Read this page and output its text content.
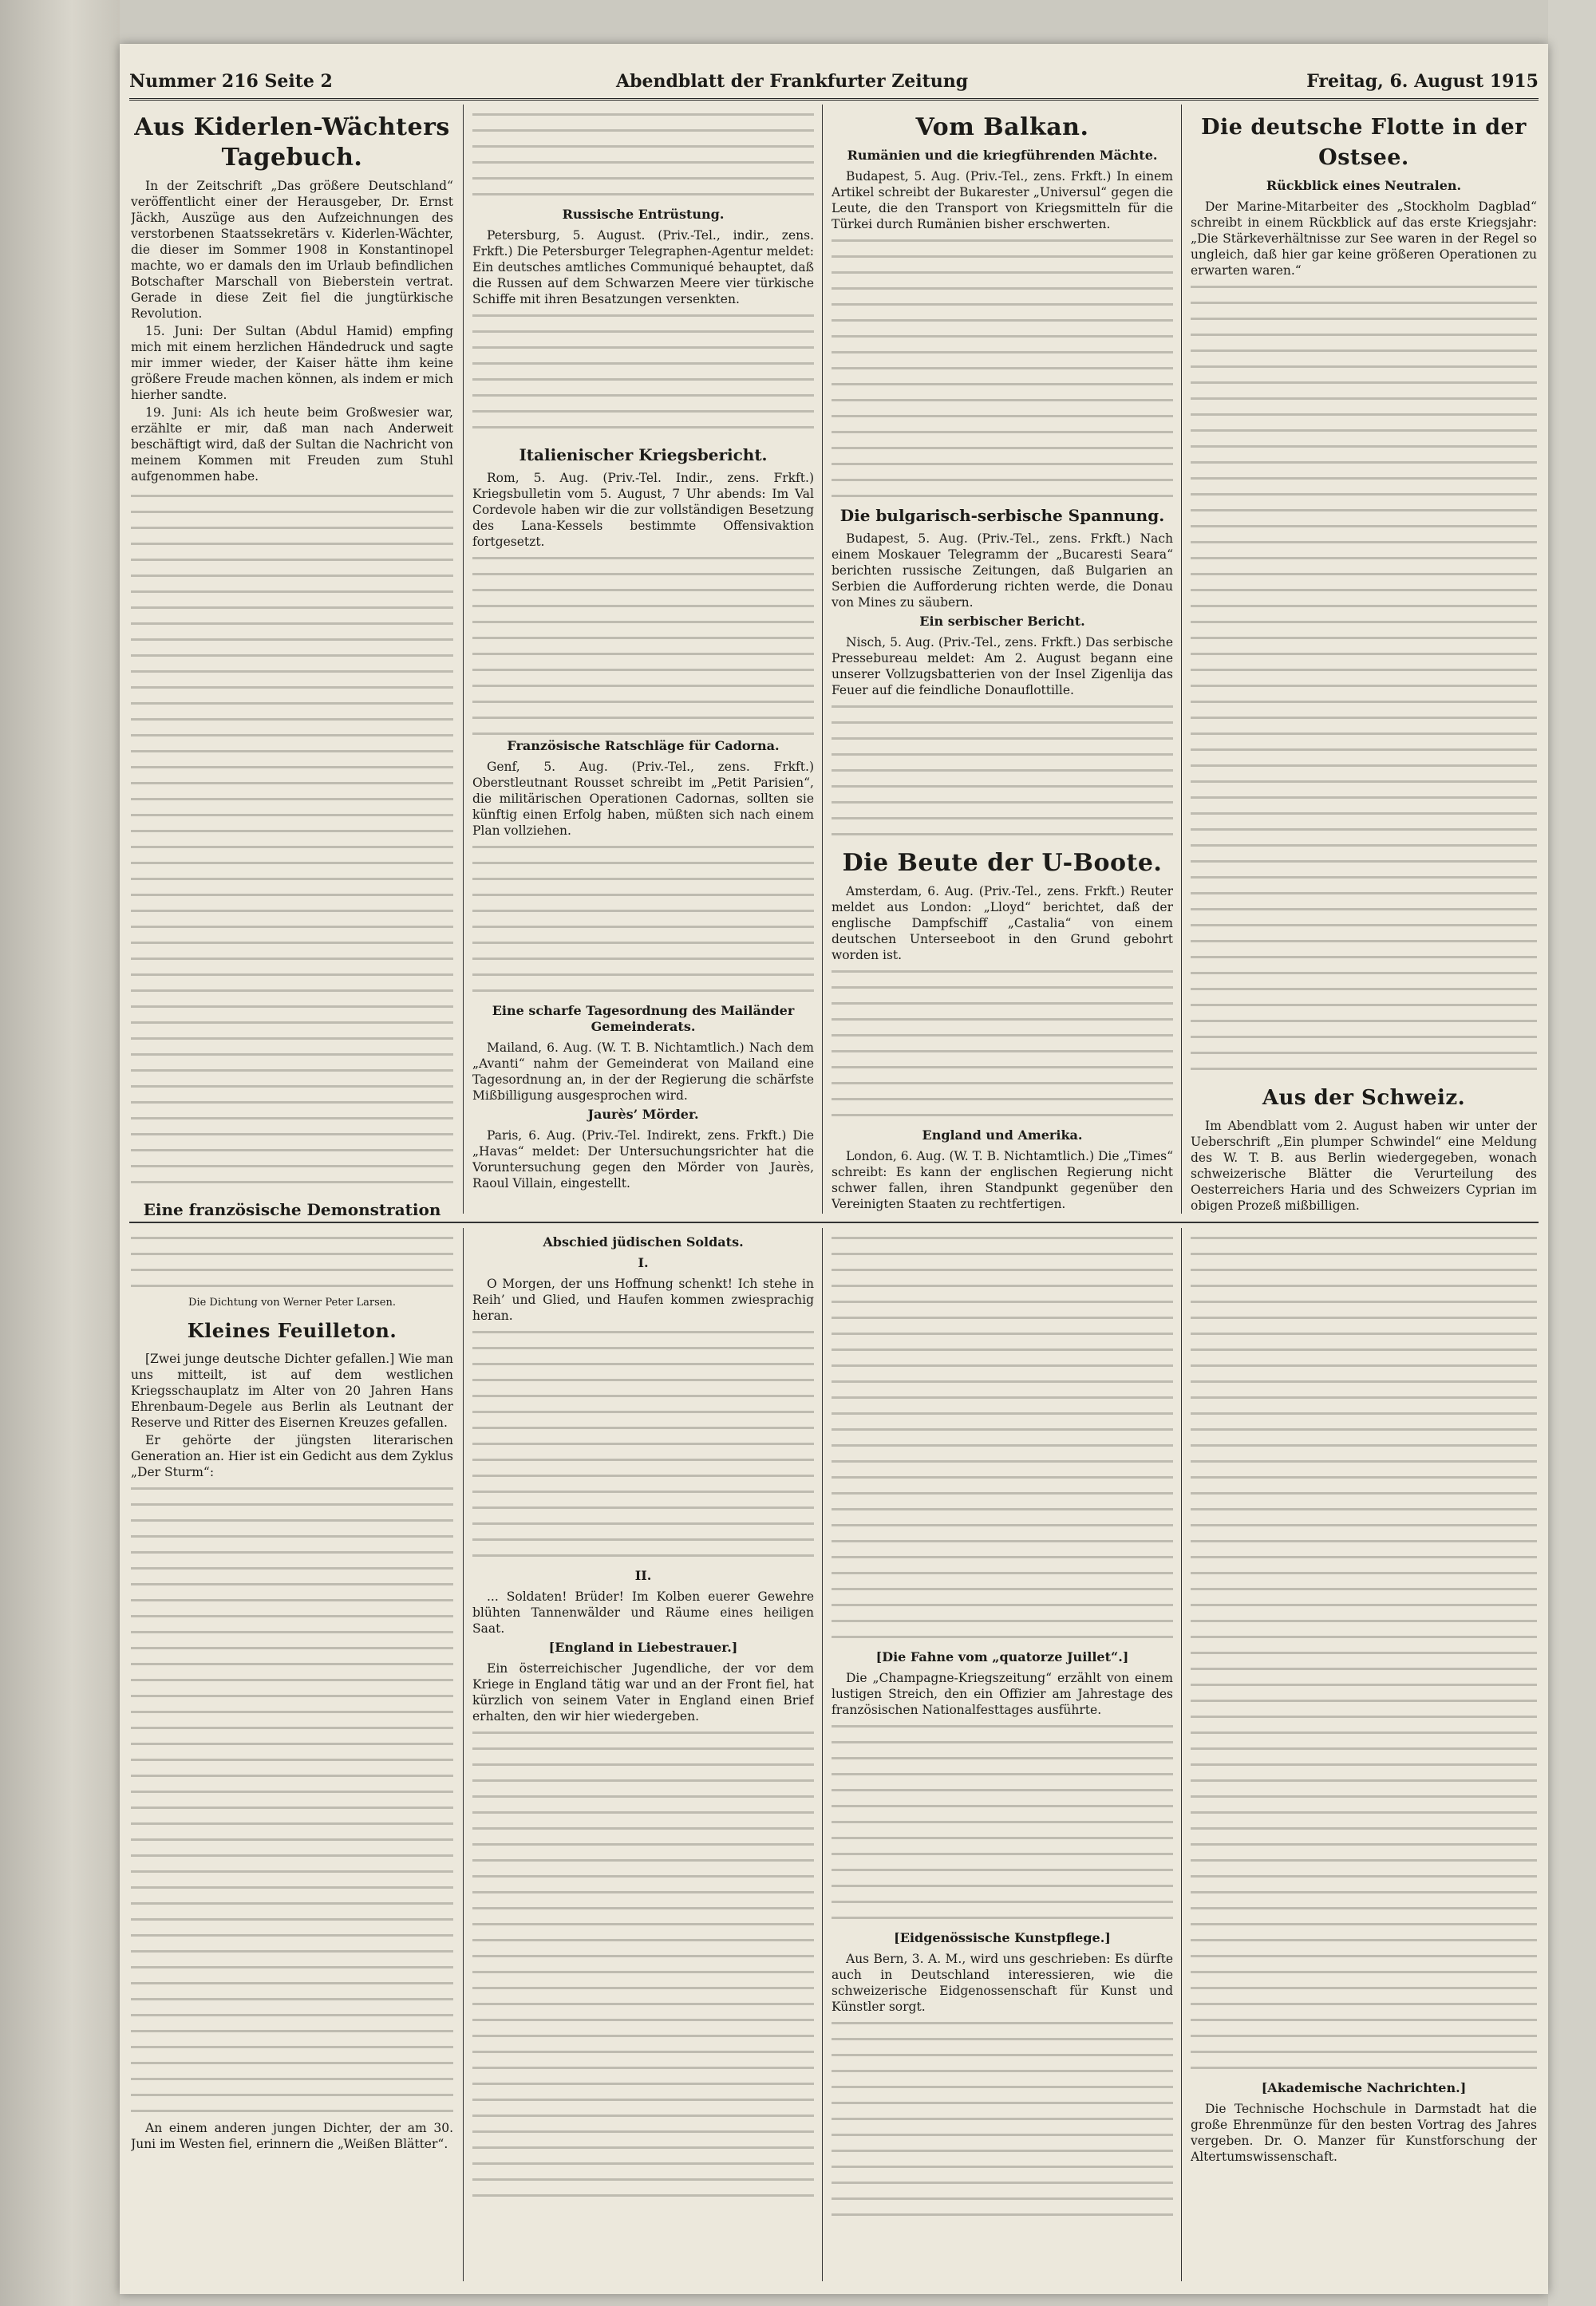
Nummer 216 Seite 2	Abendblatt der Frankfurter Zeitung	Freitag, 6. August 1915
Aus Kiderlen-Wächters Tagebuch.

In der Zeitschrift „Das größere Deutschland“ veröffentlicht einer der Herausgeber, Dr. Ernst Jäckh, Auszüge aus den Aufzeichnungen des verstorbenen Staatssekretärs v. Kiderlen-Wächter, die dieser im Sommer 1908 in Konstantinopel machte, wo er damals den im Urlaub befindlichen Botschafter Marschall von Bieberstein vertrat. Gerade in diese Zeit fiel die jungtürkische Revolution.

15. Juni: Der Sultan (Abdul Hamid) empfing mich mit einem herzlichen Händedruck und sagte mir immer wieder, der Kaiser hätte ihm keine größere Freude machen können, als indem er mich hierher sandte.

19. Juni: Als ich heute beim Großwesier war, erzählte er mir, daß man nach Anderweit beschäftigt wird, daß der Sultan die Nachricht von meinem Kommen mit Freuden zum Stuhl aufgenommen habe.

Eine französische Demonstration

Russische Entrüstung.

Petersburg, 5. August. (Priv.-Tel., indir., zens. Frkft.) Die Petersburger Telegraphen-Agentur meldet: Ein deutsches amtliches Communiqué behauptet, daß die Russen auf dem Schwarzen Meere vier türkische Schiffe mit ihren Besatzungen versenkten.

Italienischer Kriegsbericht.

Rom, 5. Aug. (Priv.-Tel. Indir., zens. Frkft.) Kriegsbulletin vom 5. August, 7 Uhr abends: Im Val Cordevole haben wir die zur vollständigen Besetzung des Lana-Kessels bestimmte Offensivaktion fortgesetzt.

Französische Ratschläge für Cadorna.

Genf, 5. Aug. (Priv.-Tel., zens. Frkft.) Oberstleutnant Rousset schreibt im „Petit Parisien“, die militärischen Operationen Cadornas, sollten sie künftig einen Erfolg haben, müßten sich nach einem Plan vollziehen.

Eine scharfe Tagesordnung des Mailänder Gemeinderats.

Mailand, 6. Aug. (W. T. B. Nichtamtlich.) Nach dem „Avanti“ nahm der Gemeinderat von Mailand eine Tagesordnung an, in der der Regierung die schärfste Mißbilligung ausgesprochen wird.

Jaurès’ Mörder.

Paris, 6. Aug. (Priv.-Tel. Indirekt, zens. Frkft.) Die „Havas“ meldet: Der Untersuchungsrichter hat die Voruntersuchung gegen den Mörder von Jaurès, Raoul Villain, eingestellt.

Vom Balkan.
Rumänien und die kriegführenden Mächte.

Budapest, 5. Aug. (Priv.-Tel., zens. Frkft.) In einem Artikel schreibt der Bukarester „Universul“ gegen die Leute, die den Transport von Kriegsmitteln für die Türkei durch Rumänien bisher erschwerten.

Die bulgarisch-serbische Spannung.

Budapest, 5. Aug. (Priv.-Tel., zens. Frkft.) Nach einem Moskauer Telegramm der „Bucaresti Seara“ berichten russische Zeitungen, daß Bulgarien an Serbien die Aufforderung richten werde, die Donau von Mines zu säubern.

Ein serbischer Bericht.

Nisch, 5. Aug. (Priv.-Tel., zens. Frkft.) Das serbische Pressebureau meldet: Am 2. August begann eine unserer Vollzugsbatterien von der Insel Zigenlija das Feuer auf die feindliche Donauflottille.

Die Beute der U-Boote.

Amsterdam, 6. Aug. (Priv.-Tel., zens. Frkft.) Reuter meldet aus London: „Lloyd“ berichtet, daß der englische Dampfschiff „Castalia“ von einem deutschen Unterseeboot in den Grund gebohrt worden ist.

England und Amerika.

London, 6. Aug. (W. T. B. Nichtamtlich.) Die „Times“ schreibt: Es kann der englischen Regierung nicht schwer fallen, ihren Standpunkt gegenüber den Vereinigten Staaten zu rechtfertigen.

Die deutsche Flotte in der Ostsee.
Rückblick eines Neutralen.

Der Marine-Mitarbeiter des „Stockholm Dagblad“ schreibt in einem Rückblick auf das erste Kriegsjahr: „Die Stärkeverhältnisse zur See waren in der Regel so ungleich, daß hier gar keine größeren Operationen zu erwarten waren.“

Aus der Schweiz.

Im Abendblatt vom 2. August haben wir unter der Ueberschrift „Ein plumper Schwindel“ eine Meldung des W. T. B. aus Berlin wiedergegeben, wonach schweizerische Blätter die Verurteilung des Oesterreichers Haria und des Schweizers Cyprian im obigen Prozeß mißbilligen.

Die Dichtung von Werner Peter Larsen.

Kleines Feuilleton.

[Zwei junge deutsche Dichter gefallen.] Wie man uns mitteilt, ist auf dem westlichen Kriegsschauplatz im Alter von 20 Jahren Hans Ehrenbaum-Degele aus Berlin als Leutnant der Reserve und Ritter des Eisernen Kreuzes gefallen.

Er gehörte der jüngsten literarischen Generation an. Hier ist ein Gedicht aus dem Zyklus „Der Sturm“:

An einem anderen jungen Dichter, der am 30. Juni im Westen fiel, erinnern die „Weißen Blätter“.

Abschied jüdischen Soldats.
I.

O Morgen, der uns Hoffnung schenkt! Ich stehe in Reih’ und Glied, und Haufen kommen zwiesprachig heran.

II.

... Soldaten! Brüder! Im Kolben euerer Gewehre blühten Tannenwälder und Räume eines heiligen Saat.

[England in Liebestrauer.]

Ein österreichischer Jugendliche, der vor dem Kriege in England tätig war und an der Front fiel, hat kürzlich von seinem Vater in England einen Brief erhalten, den wir hier wiedergeben.

[Die Fahne vom „quatorze Juillet“.]

Die „Champagne-Kriegszeitung“ erzählt von einem lustigen Streich, den ein Offizier am Jahrestage des französischen Nationalfesttages ausführte.

[Eidgenössische Kunstpflege.]

Aus Bern, 3. A. M., wird uns geschrieben: Es dürfte auch in Deutschland interessieren, wie die schweizerische Eidgenossenschaft für Kunst und Künstler sorgt.

[Akademische Nachrichten.]

Die Technische Hochschule in Darmstadt hat die große Ehrenmünze für den besten Vortrag des Jahres vergeben. Dr. O. Manzer für Kunstforschung der Altertumswissenschaft.
